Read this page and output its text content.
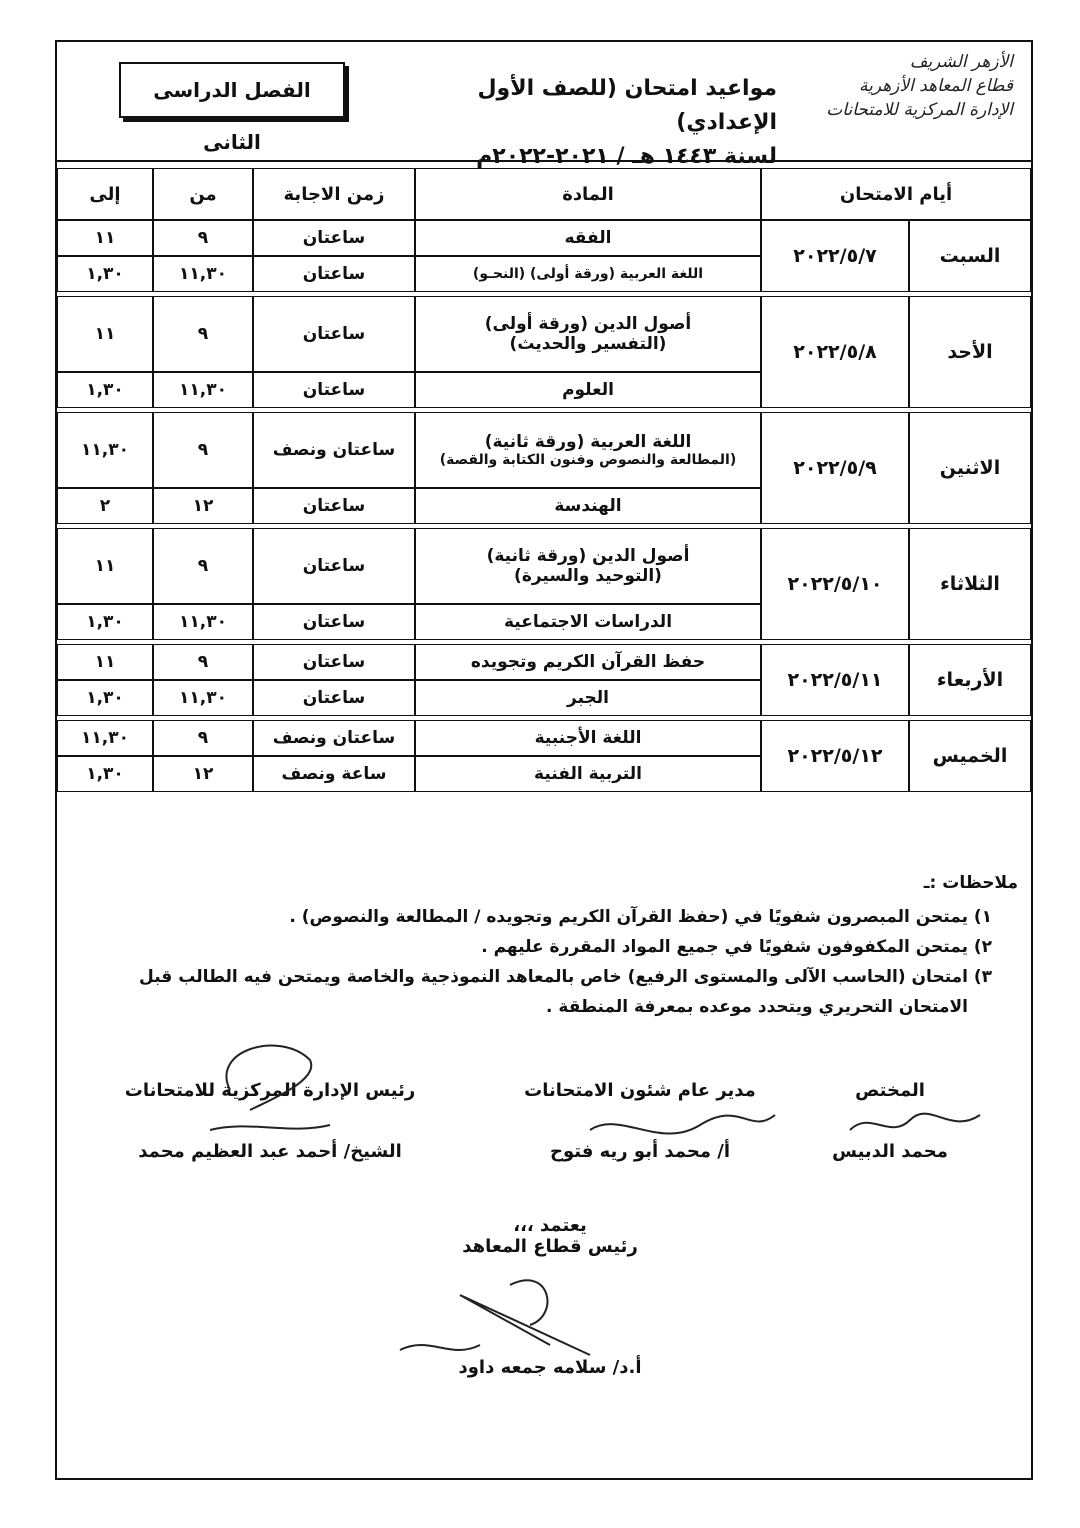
الأزهر الشريف
قطاع المعاهد الأزهرية
الإدارة المركزية للامتحانات
مواعيد امتحان (للصف الأول الإعدادي)
لسنة ١٤٤٣ هـ / ٢٠٢١-٢٠٢٢م
الفصل الدراسى الثانى
أيام الامتحان		المادة	زمن الاجابة	من	إلى
السبت	٢٠٢٢/٥/٧	الفقه	ساعتان	٩	١١

		اللغة العربية (ورقة أولى) (النحـو)	ساعتان	١١,٣٠	١,٣٠

الأحد	٢٠٢٢/٥/٨	أصول الدين (ورقة أولى)
(التفسير والحديث)	ساعتان	٩	١١

		العلوم	ساعتان	١١,٣٠	١,٣٠

الاثنين	٢٠٢٢/٥/٩	اللغة العربية (ورقة ثانية)
(المطالعة والنصوص وفنون الكتابة والقصة)	ساعتان ونصف	٩	١١,٣٠

		الهندسة	ساعتان	١٢	٢

الثلاثاء	٢٠٢٢/٥/١٠	أصول الدين (ورقة ثانية)
(التوحيد والسيرة)	ساعتان	٩	١١

		الدراسات الاجتماعية	ساعتان	١١,٣٠	١,٣٠

الأربعاء	٢٠٢٢/٥/١١	حفظ القرآن الكريم وتجويده	ساعتان	٩	١١

		الجبر	ساعتان	١١,٣٠	١,٣٠

الخميس	٢٠٢٢/٥/١٢	اللغة الأجنبية	ساعتان ونصف	٩	١١,٣٠

		التربية الفنية	ساعة ونصف	١٢	١,٣٠
ملاحظات :ـ
١)
يمتحن المبصرون شفويًا في (حفظ القرآن الكريم وتجويده / المطالعة والنصوص) .
٢)
يمتحن المكفوفون شفويًا في جميع المواد المقررة عليهم .
٣)
امتحان (الحاسب الآلى والمستوى الرفيع) خاص بالمعاهد النموذجية والخاصة ويمتحن فيه الطالب قبل الامتحان التحريري ويتحدد موعده بمعرفة المنطقة .
المختص
محمد الدبيس
مدير عام شئون الامتحانات
أ/ محمد أبو ريه فتوح
رئيس الإدارة المركزية للامتحانات
الشيخ/ أحمد عبد العظيم محمد
يعتمد ،،،
رئيس قطاع المعاهد
أ.د/ سلامه جمعه داود
